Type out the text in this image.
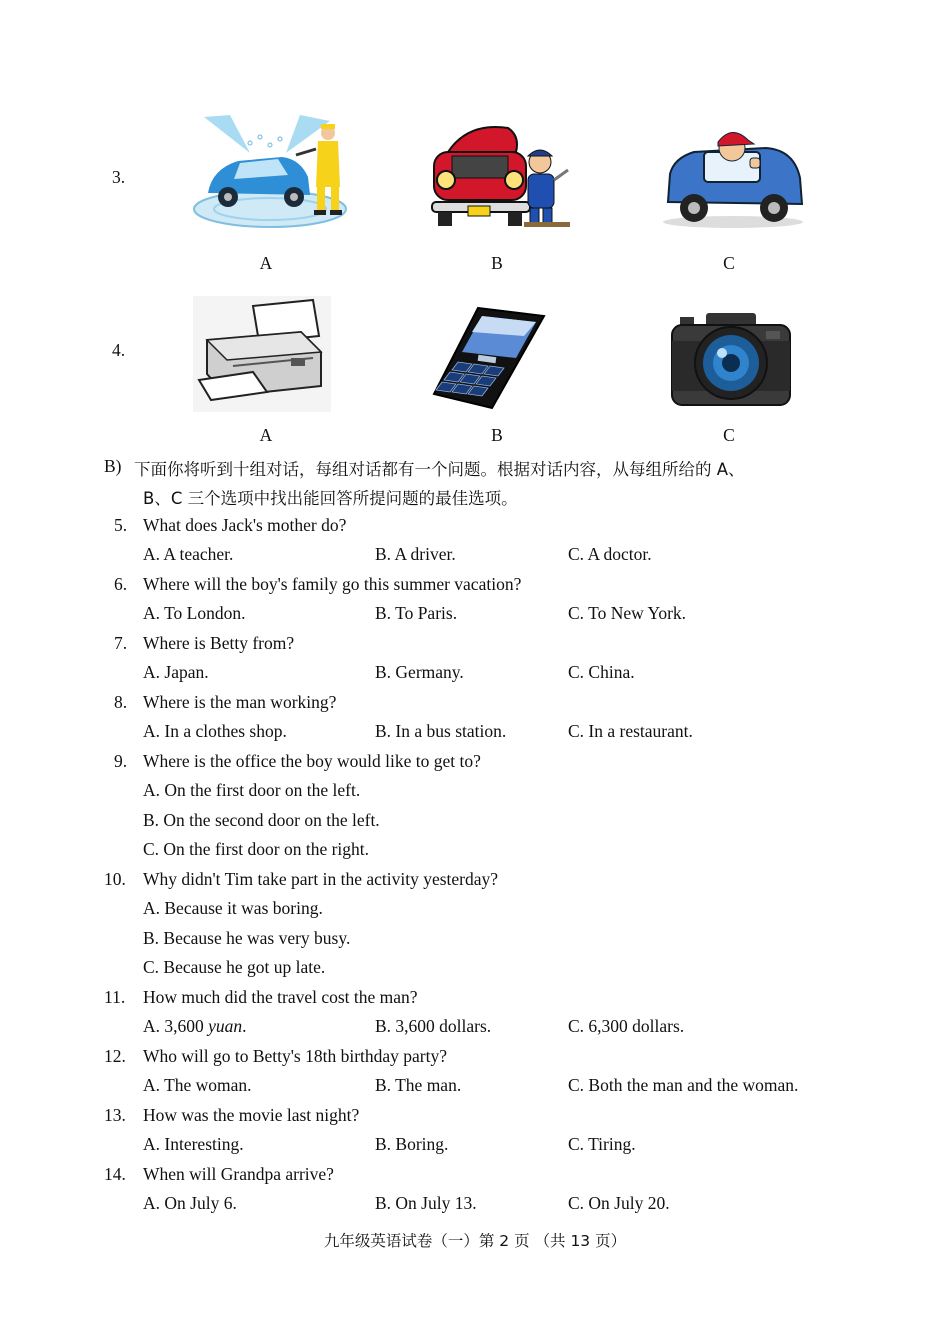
3.
A	B	C
4.
A	B	C
B) 下面你将听到十组对话，每组对话都有一个问题。根据对话内容，从每组所给的 A、
B、C 三个选项中找出能回答所提问题的最佳选项。
5. What does Jack's mother do?
A. A teacher.	B. A driver.	C. A doctor.
6. Where will the boy's family go this summer vacation?
A. To London.	B. To Paris.	C. To New York.
7. Where is Betty from?
A. Japan.	B. Germany.	C. China.
8. Where is the man working?
A. In a clothes shop.	B. In a bus station.	C. In a restaurant.
9. Where is the office the boy would like to get to?
A. On the first door on the left.
B. On the second door on the left.
C. On the first door on the right.
10. Why didn't Tim take part in the activity yesterday?
A. Because it was boring.
B. Because he was very busy.
C. Because he got up late.
11. How much did the travel cost the man?
A. 3,600 yuan.	B. 3,600 dollars.	C. 6,300 dollars.
12. Who will go to Betty's 18th birthday party?
A. The woman.	B. The man.	C. Both the man and the woman.
13. How was the movie last night?
A. Interesting.	B. Boring.	C. Tiring.
14. When will Grandpa arrive?
A. On July 6.	B. On July 13.	C. On July 20.
九年级英语试卷（一）第 2 页 （共 13 页）
